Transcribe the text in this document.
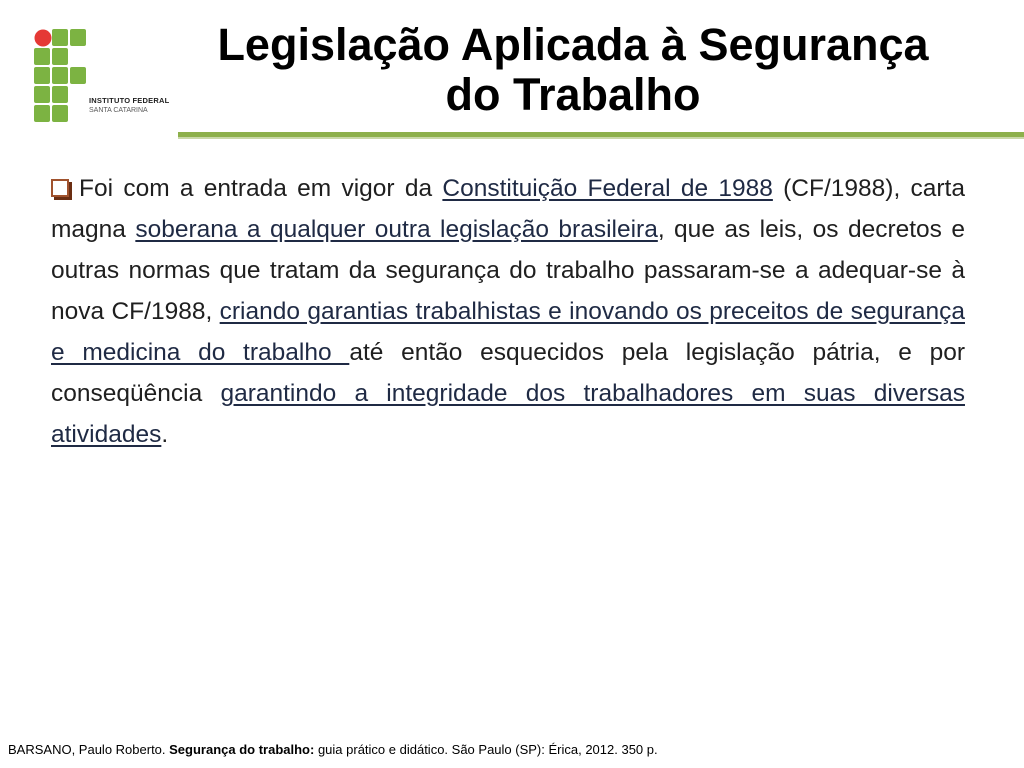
INSTITUTO FEDERAL
SANTA CATARINA
Legislação Aplicada à Segurança
do Trabalho
Foi com a entrada em vigor da Constituição Federal de 1988 (CF/1988), carta magna soberana a qualquer outra legislação brasileira, que as leis, os decretos e outras normas que tratam da segurança do trabalho passaram-se a adequar-se à nova CF/1988, criando garantias trabalhistas e inovando os preceitos de segurança e medicina do trabalho até então esquecidos pela legislação pátria, e por conseqüência garantindo a integridade dos trabalhadores em suas diversas atividades.
BARSANO, Paulo Roberto. Segurança do trabalho: guia prático e didático. São Paulo (SP): Érica, 2012. 350 p.
